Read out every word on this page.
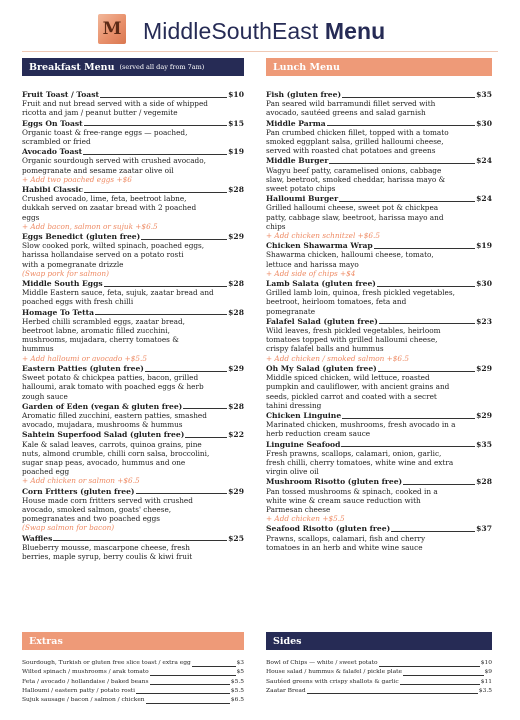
M MiddleSouthEast Menu
Breakfast Menu (served all day from 7am)
Fruit Toast / Toast	$10
Fruit and nut bread served with a side of whipped
ricotta and jam / peanut butter / vegemite
Eggs On Toast	$15
Organic toast & free-range eggs — poached,
scrambled or fried
Avocado Toast	$19
Organic sourdough served with crushed avocado,
pomegranate and sesame zaatar olive oil
+ Add two poached eggs +$6
Habibi Classic	$28
Crushed avocado, lime, feta, beetroot labne,
dukkah served on zaatar bread with 2 poached
eggs
+ Add bacon, salmon or sujuk +$6.5
Eggs Benedict (gluten free)	$29
Slow cooked pork, wilted spinach, poached eggs,
harissa hollandaise served on a potato rosti
with a pomegranate drizzle
(Swap pork for salmon)
Middle South Eggs	$28
Middle Eastern sauce, feta, sujuk, zaatar bread and
poached eggs with fresh chilli
Homage To Tetta	$28
Herbed chilli scrambled eggs, zaatar bread,
beetroot labne, aromatic filled zucchini,
mushrooms, mujadara, cherry tomatoes &
hummus
+ Add halloumi or avocado +$5.5
Eastern Patties (gluten free)	$29
Sweet potato & chickpea patties, bacon, grilled
halloumi, arak tomato with poached eggs & herb
zough sauce
Garden of Eden (vegan & gluten free)	$28
Aromatic filled zucchini, eastern patties, smashed
avocado, mujadara, mushrooms & hummus
Sahtein Superfood Salad (gluten free)	$22
Kale & salad leaves, carrots, quinoa grains, pine
nuts, almond crumble, chilli corn salsa, broccolini,
sugar snap peas, avocado, hummus and one
poached egg
+ Add chicken or salmon +$6.5
Corn Fritters (gluten free)	$29
House made corn fritters served with crushed
avocado, smoked salmon, goats' cheese,
pomegranates and two poached eggs
(Swap salmon for bacon)
Waffles	$25
Blueberry mousse, mascarpone cheese, fresh
berries, maple syrup, berry coulis & kiwi fruit
Lunch Menu
Fish (gluten free)	$35
Pan seared wild barramundi fillet served with
avocado, sautéed greens and salad garnish
Middle Parma	$30
Pan crumbed chicken fillet, topped with a tomato
smoked eggplant salsa, grilled halloumi cheese,
served with roasted chat potatoes and greens
Middle Burger	$24
Wagyu beef patty, caramelised onions, cabbage
slaw, beetroot, smoked cheddar, harissa mayo &
sweet potato chips
Halloumi Burger	$24
Grilled halloumi cheese, sweet pot & chickpea
patty, cabbage slaw, beetroot, harissa mayo and
chips
+ Add chicken schnitzel +$6.5
Chicken Shawarma Wrap	$19
Shawarma chicken, halloumi cheese, tomato,
lettuce and harissa mayo
+ Add side of chips +$4
Lamb Salata (gluten free)	$30
Grilled lamb loin, quinoa, fresh pickled vegetables,
beetroot, heirloom tomatoes, feta and
pomegranate
Falafel Salad (gluten free)	$23
Wild leaves, fresh pickled vegetables, heirloom
tomatoes topped with grilled halloumi cheese,
crispy falafel balls and hummus
+ Add chicken / smoked salmon +$6.5
Oh My Salad (gluten free)	$29
Middle spiced chicken, wild lettuce, roasted
pumpkin and cauliflower, with ancient grains and
seeds, pickled carrot and coated with a secret
tahini dressing
Chicken Linguine	$29
Marinated chicken, mushrooms, fresh avocado in a
herb reduction cream sauce
Linguine Seafood	$35
Fresh prawns, scallops, calamari, onion, garlic,
fresh chilli, cherry tomatoes, white wine and extra
virgin olive oil
Mushroom Risotto (gluten free)	$28
Pan tossed mushrooms & spinach, cooked in a
white wine & cream sauce reduction with
Parmesan cheese
+ Add chicken +$5.5
Seafood Risotto (gluten free)	$37
Prawns, scallops, calamari, fish and cherry
tomatoes in an herb and white wine sauce
Extras
Sourdough, Turkish or gluten free slice toast / extra egg	$3
Wilted spinach / mushrooms / arak tomato	$5
Feta / avocado / hollandaise / baked beans	$5.5
Halloumi / eastern patty / potato rosti	$5.5
Sujuk sausage / bacon / salmon / chicken	$6.5
Sides
Bowl of Chips — white / sweet potato	$10
House salad / hummus & falafel / pickle plate	$9
Sautéed greens with crispy shallots & garlic	$11
Zaatar Bread	$3.5
